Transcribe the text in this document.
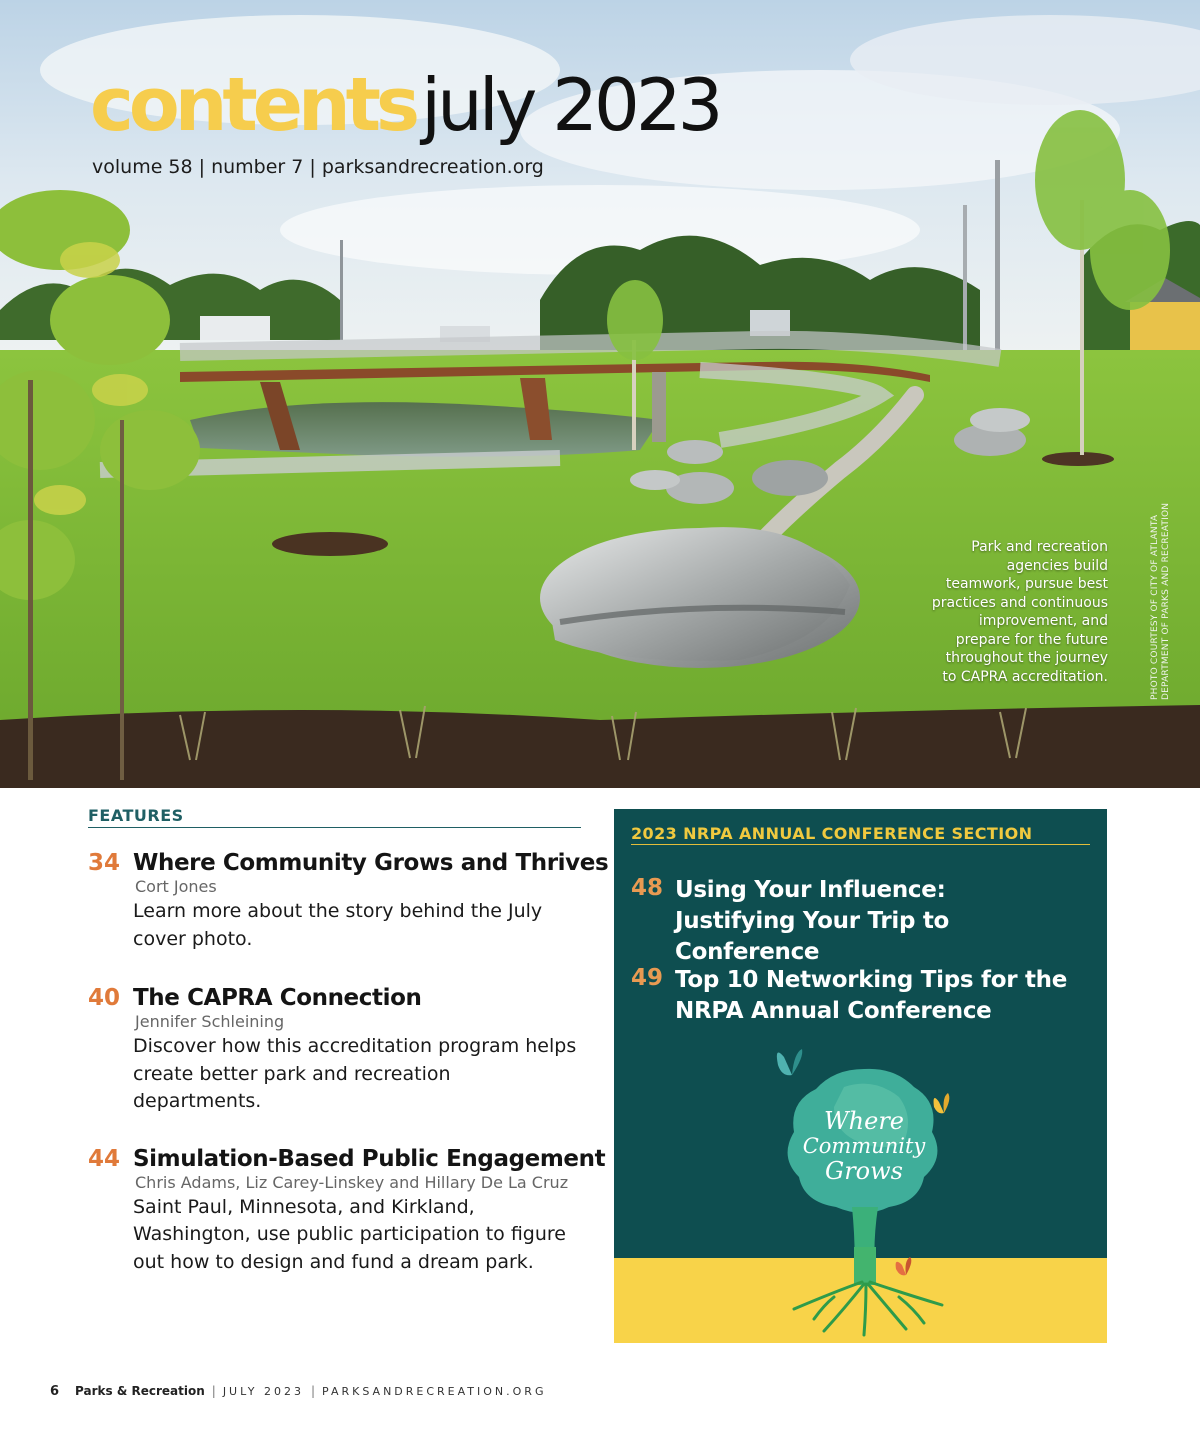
contentsjuly 2023
volume 58 | number 7 | parksandrecreation.org
Park and recreation agencies build teamwork, pursue best practices and continuous improvement, and prepare for the future throughout the journey to CAPRA accreditation.	PHOTO COURTESY OF CITY OF ATLANTA DEPARTMENT OF PARKS AND RECREATION
FEATURES
34 Where Community Grows and Thrives
Cort Jones
Learn more about the story behind the July cover photo.
40 The CAPRA Connection
Jennifer Schleining
Discover how this accreditation program helps create better park and recreation departments.
44 Simulation-Based Public Engagement
Chris Adams, Liz Carey-Linskey and Hillary De La Cruz
Saint Paul, Minnesota, and Kirkland, Washington, use public participation to figure out how to design and fund a dream park.
2023 NRPA ANNUAL CONFERENCE SECTION
48 Using Your Influence: Justifying Your Trip to Conference
49 Top 10 Networking Tips for the NRPA Annual Conference
Where
Community
Grows
6 Parks & Recreation | JULY 2023 | PARKSANDRECREATION.ORG
